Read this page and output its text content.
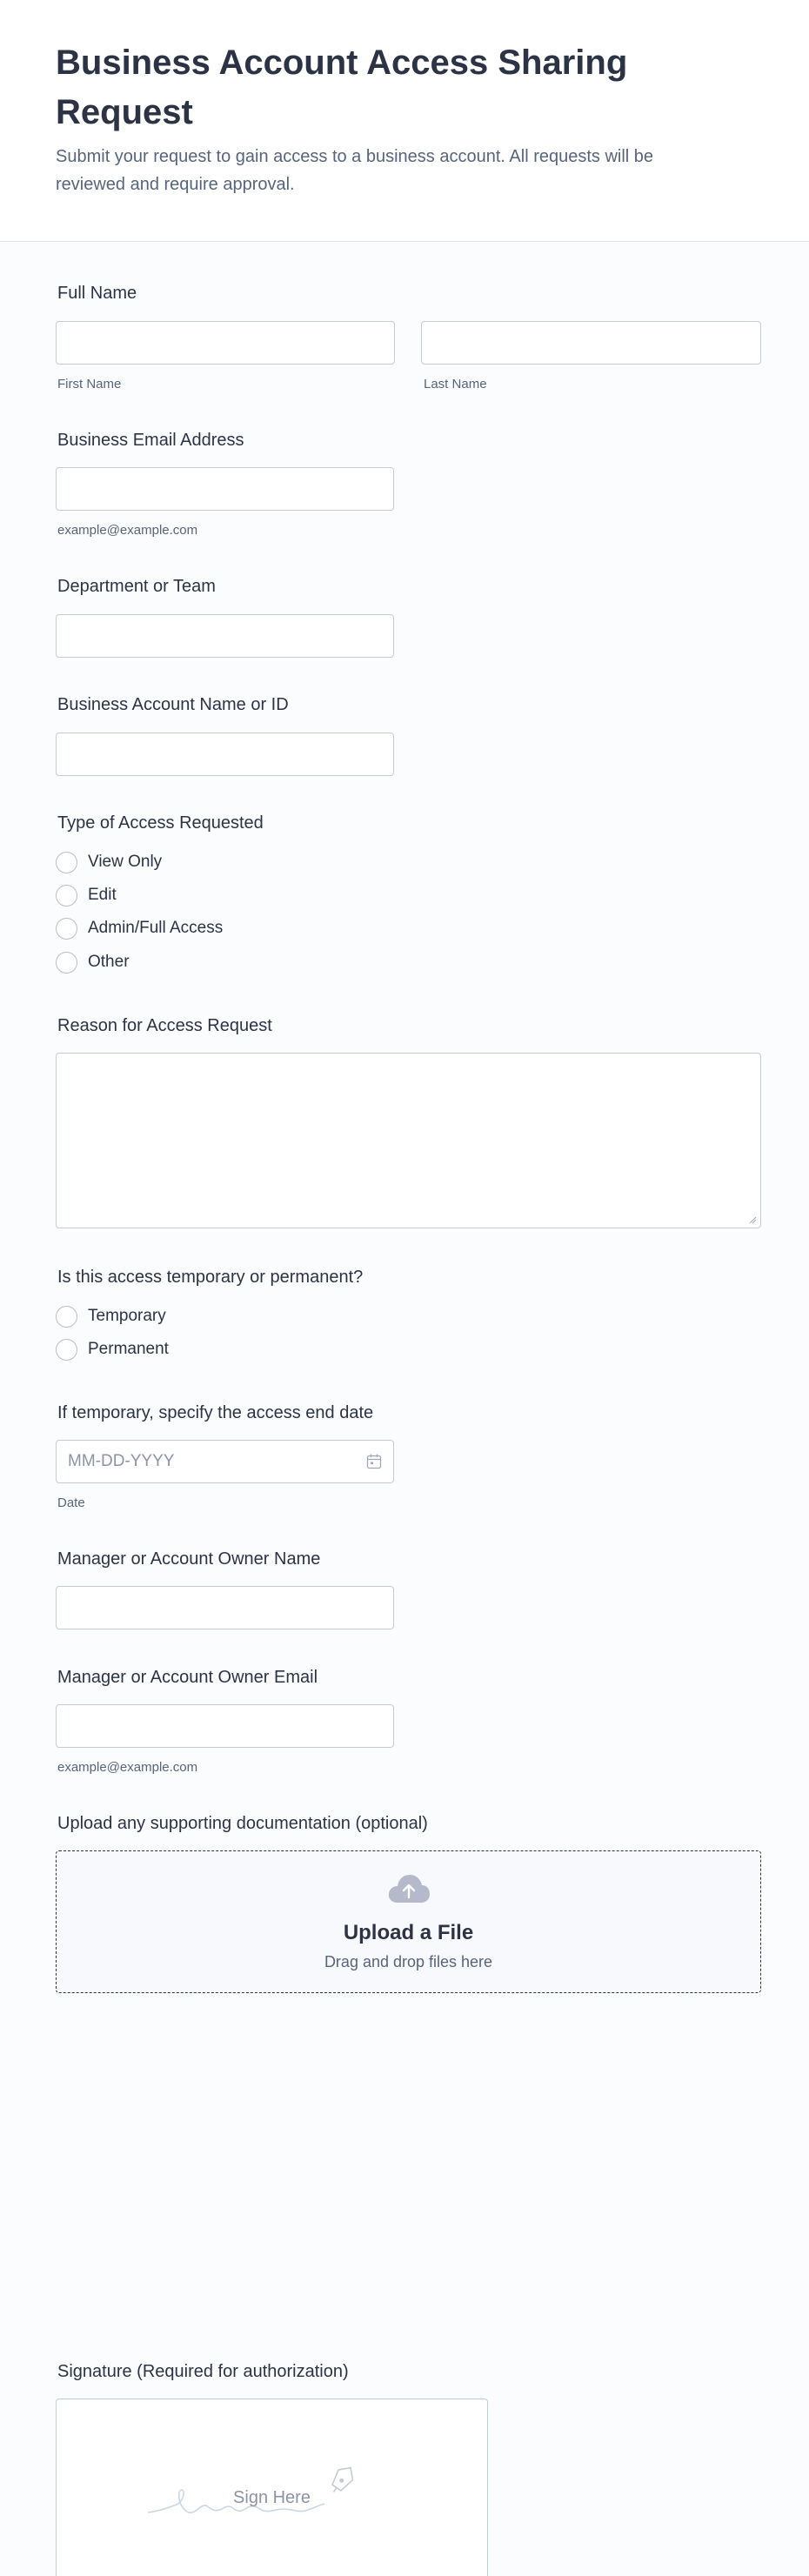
Business Account Access Sharing Request

Submit your request to gain access to a business account. All requests will be reviewed and require approval.

Full Name
First Name	Last Name
Business Email Address
example@example.com
Department or Team
Business Account Name or ID
Type of Access Requested
View Only
Edit
Admin/Full Access
Other
Reason for Access Request
Is this access temporary or permanent?
Temporary
Permanent
If temporary, specify the access end date
MM-DD-YYYY
Date
Manager or Account Owner Name
Manager or Account Owner Email
example@example.com
Upload any supporting documentation (optional)
Upload a File
Drag and drop files here
Signature (Required for authorization)
Sign Here
